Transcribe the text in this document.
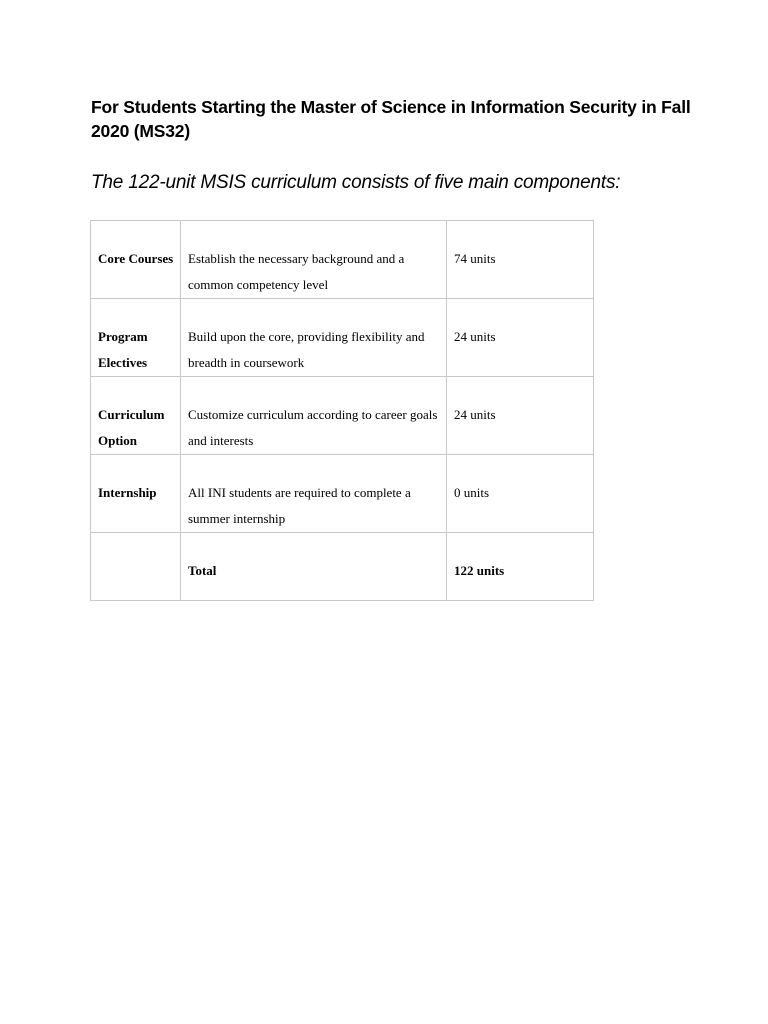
For Students Starting the Master of Science in Information Security in Fall 2020 (MS32)
The 122-unit MSIS curriculum consists of five main components:
Core Courses	Establish the necessary background and a common competency level	74 units
Program Electives	Build upon the core, providing flexibility and breadth in coursework	24 units
Curriculum Option	Customize curriculum according to career goals and interests	24 units
Internship	All INI students are required to complete a summer internship	0 units
	Total	122 units
